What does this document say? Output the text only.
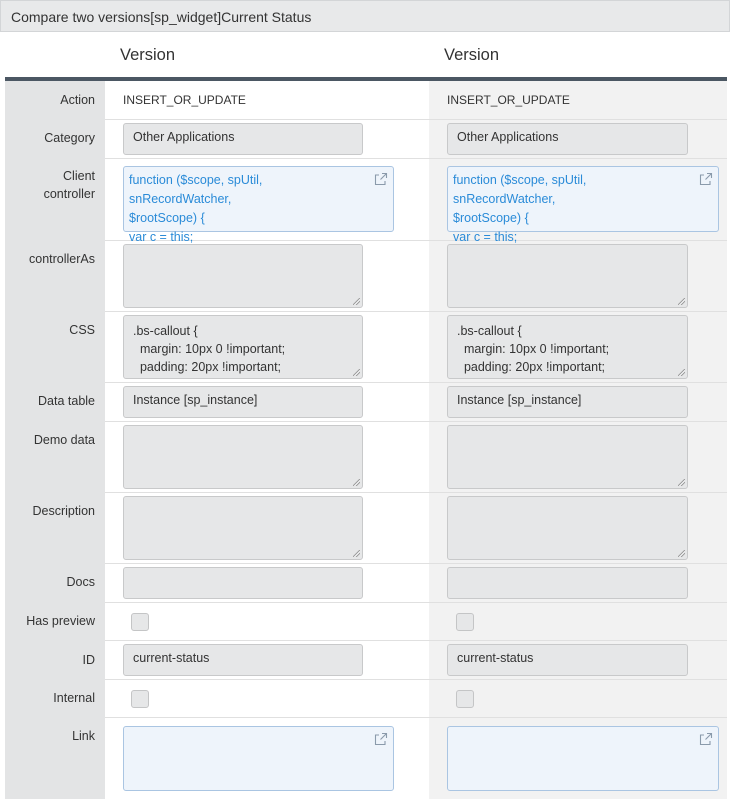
Compare two versions[sp_widget]Current Status
Version	Version
Action
Category
Client
controller
controllerAs
CSS
Data table
Demo data
Description
Docs
Has preview
ID
Internal
Link
INSERT_OR_UPDATE
Other Applications
function ($scope, spUtil, snRecordWatcher,
$rootScope) {
var c = this;
.bs-callout {
margin: 10px 0 !important;
padding: 20px !important;
Instance [sp_instance]
current-status
INSERT_OR_UPDATE
Other Applications
function ($scope, spUtil, snRecordWatcher,
$rootScope) {
var c = this;
.bs-callout {
margin: 10px 0 !important;
padding: 20px !important;
Instance [sp_instance]
current-status
